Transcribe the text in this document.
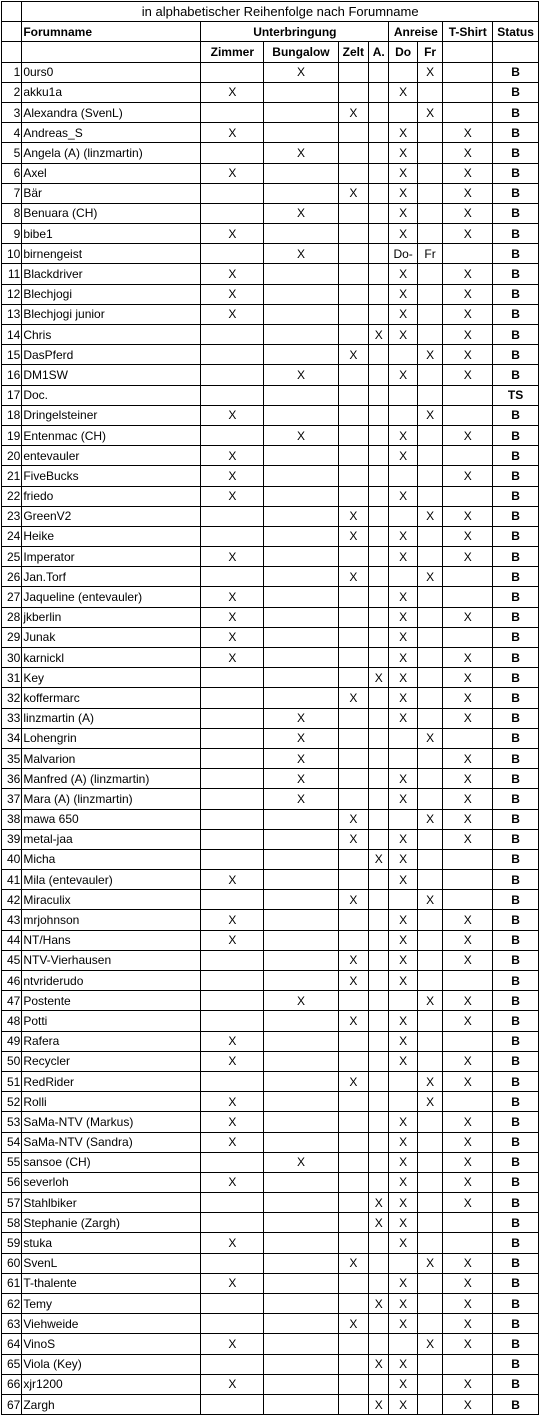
	in alphabetischer Reihenfolge nach Forumname								
	Forumname	Unterbringung				Anreise		T-Shirt	Status
		Zimmer	Bungalow	Zelt	A.	Do	Fr		
1	0urs0		X				X		B
2	akku1a	X				X			B
3	Alexandra (SvenL)			X			X		B
4	Andreas_S	X				X		X	B
5	Angela (A) (linzmartin)		X			X		X	B
6	Axel	X				X		X	B
7	Bär			X		X		X	B
8	Benuara (CH)		X			X		X	B
9	bibe1	X				X		X	B
10	birnengeist		X			Do-	Fr		B
11	Blackdriver	X				X		X	B
12	Blechjogi	X				X		X	B
13	Blechjogi junior	X				X		X	B
14	Chris				X	X		X	B
15	DasPferd			X			X	X	B
16	DM1SW		X			X		X	B
17	Doc.								TS
18	Dringelsteiner	X					X		B
19	Entenmac (CH)		X			X		X	B
20	entevauler	X				X			B
21	FiveBucks	X						X	B
22	friedo	X				X			B
23	GreenV2			X			X	X	B
24	Heike			X		X		X	B
25	Imperator	X				X		X	B
26	Jan.Torf			X			X		B
27	Jaqueline (entevauler)	X				X			B
28	jkberlin	X				X		X	B
29	Junak	X				X			B
30	karnickl	X				X		X	B
31	Key				X	X		X	B
32	koffermarc			X		X		X	B
33	linzmartin (A)		X			X		X	B
34	Lohengrin		X				X		B
35	Malvarion		X					X	B
36	Manfred (A) (linzmartin)		X			X		X	B
37	Mara (A) (linzmartin)		X			X		X	B
38	mawa 650			X			X	X	B
39	metal-jaa			X		X		X	B
40	Micha				X	X			B
41	Mila (entevauler)	X				X			B
42	Miraculix			X			X		B
43	mrjohnson	X				X		X	B
44	NT/Hans	X				X		X	B
45	NTV-Vierhausen			X		X		X	B
46	ntvriderudo			X		X			B
47	Postente		X				X	X	B
48	Potti			X		X		X	B
49	Rafera	X				X			B
50	Recycler	X				X		X	B
51	RedRider			X			X	X	B
52	Rolli	X					X		B
53	SaMa-NTV (Markus)	X				X		X	B
54	SaMa-NTV (Sandra)	X				X		X	B
55	sansoe (CH)		X			X		X	B
56	severloh	X				X		X	B
57	Stahlbiker				X	X		X	B
58	Stephanie (Zargh)				X	X			B
59	stuka	X				X			B
60	SvenL			X			X	X	B
61	T-thalente	X				X		X	B
62	Temy				X	X		X	B
63	Viehweide			X		X		X	B
64	VinoS	X					X	X	B
65	Viola (Key)				X	X			B
66	xjr1200	X				X		X	B
67	Zargh				X	X		X	B
